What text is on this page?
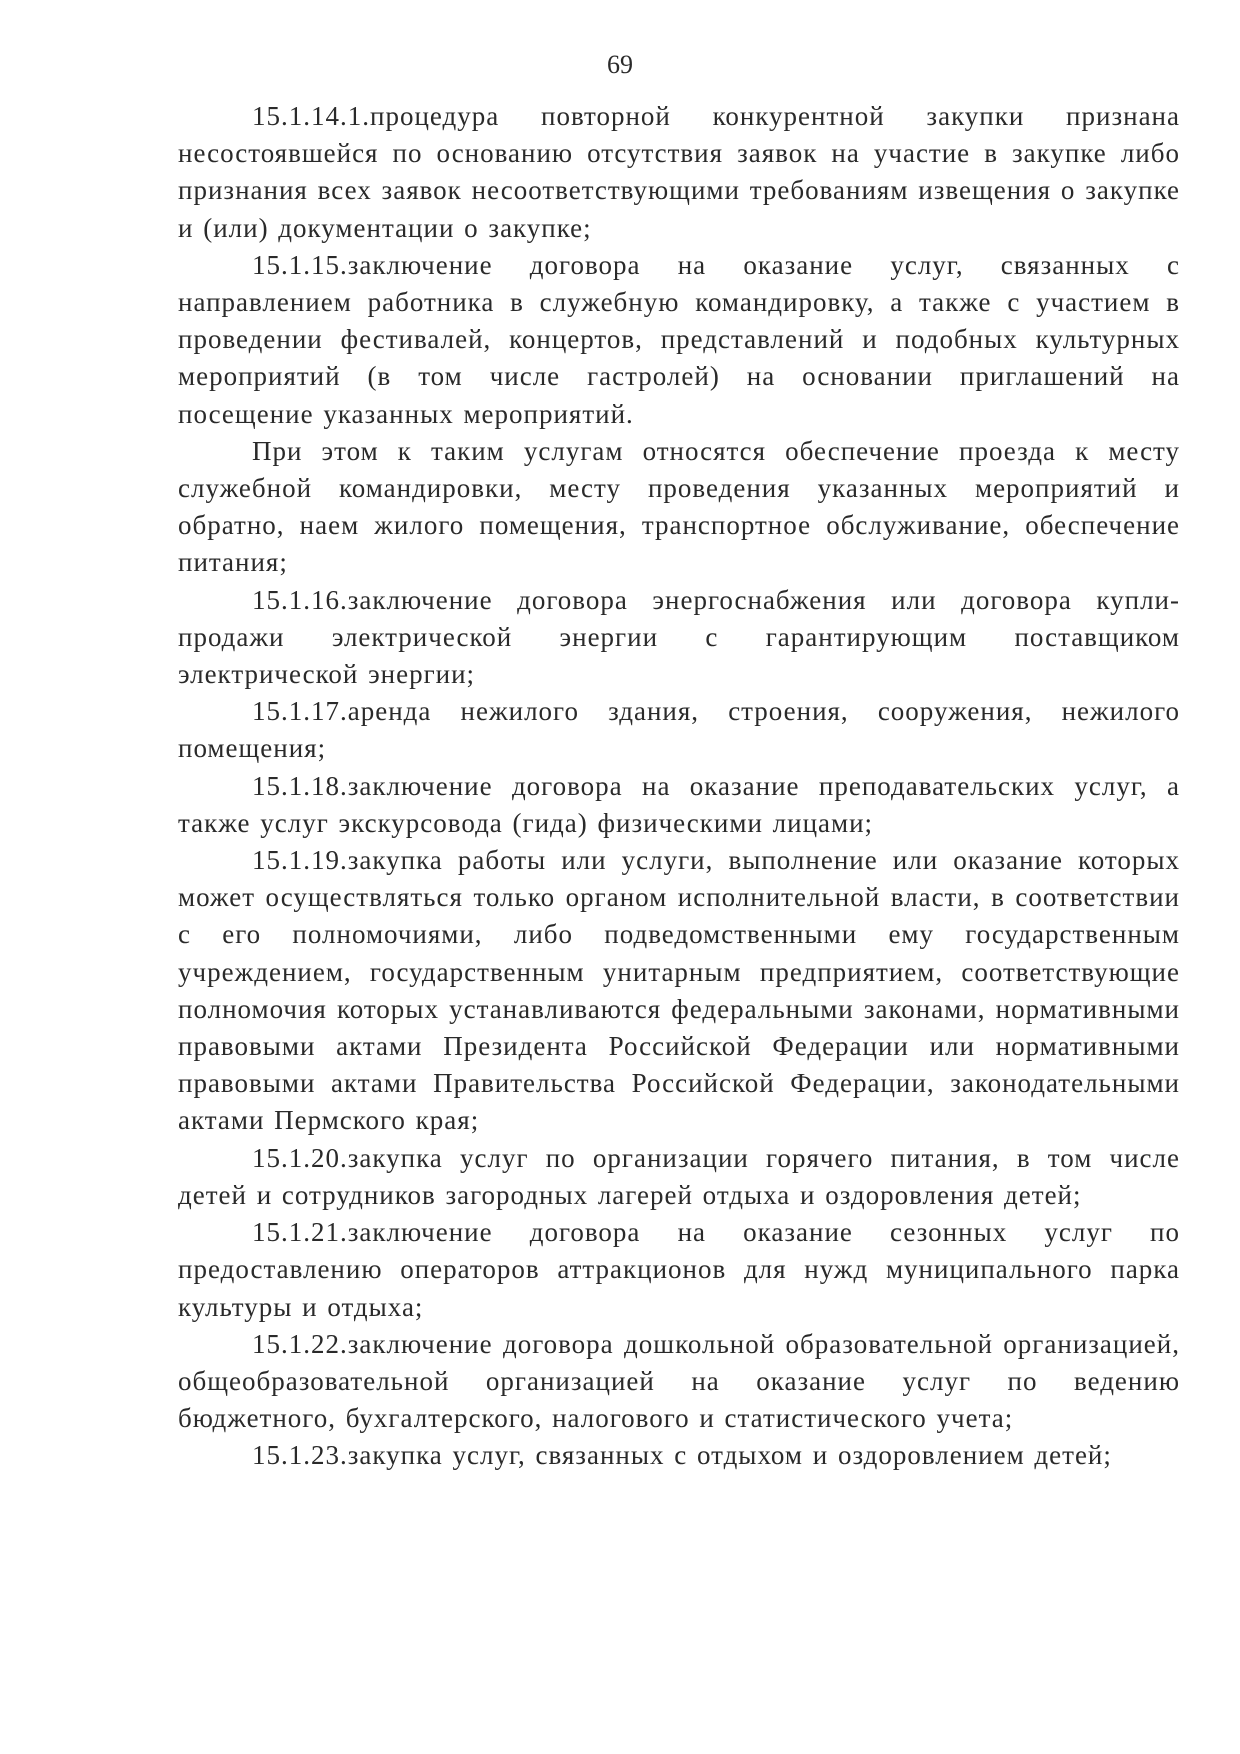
69

15.1.14.1.процедура повторной конкурентной закупки признана несостоявшейся по основанию отсутствия заявок на участие в закупке либо признания всех заявок несоответствующими требованиям извещения о закупке и (или) документации о закупке;

15.1.15.заключение договора на оказание услуг, связанных с направлением работника в служебную командировку, а также с участием в проведении фестивалей, концертов, представлений и подобных культурных мероприятий (в том числе гастролей) на основании приглашений на посещение указанных мероприятий.

При этом к таким услугам относятся обеспечение проезда к месту служебной командировки, месту проведения указанных мероприятий и обратно, наем жилого помещения, транспортное обслуживание, обеспечение питания;

15.1.16.заключение договора энергоснабжения или договора купли-продажи электрической энергии с гарантирующим поставщиком электрической энергии;

15.1.17.аренда нежилого здания, строения, сооружения, нежилого помещения;

15.1.18.заключение договора на оказание преподавательских услуг, а также услуг экскурсовода (гида) физическими лицами;

15.1.19.закупка работы или услуги, выполнение или оказание которых может осуществляться только органом исполнительной власти, в соответствии с его полномочиями, либо подведомственными ему государственным учреждением, государственным унитарным предприятием, соответствующие полномочия которых устанавливаются федеральными законами, нормативными правовыми актами Президента Российской Федерации или нормативными правовыми актами Правительства Российской Федерации, законодательными актами Пермского края;

15.1.20.закупка услуг по организации горячего питания, в том числе детей и сотрудников загородных лагерей отдыха и оздоровления детей;

15.1.21.заключение договора на оказание сезонных услуг по предоставлению операторов аттракционов для нужд муниципального парка культуры и отдыха;

15.1.22.заключение договора дошкольной образовательной организацией, общеобразовательной организацией на оказание услуг по ведению бюджетного, бухгалтерского, налогового и статистического учета;

15.1.23.закупка услуг, связанных с отдыхом и оздоровлением детей;
